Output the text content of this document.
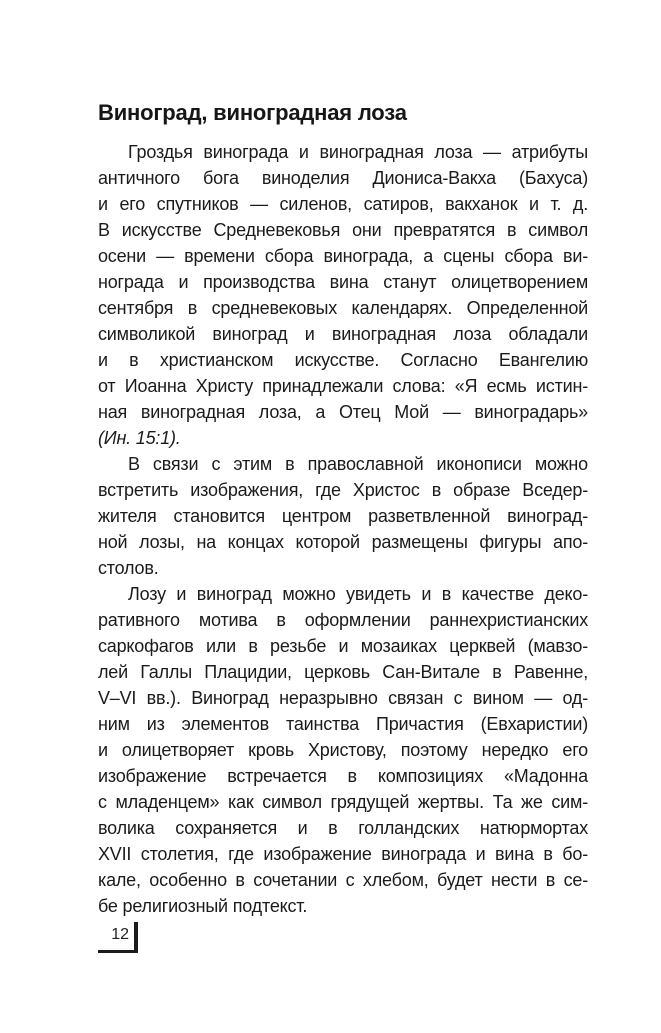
Виноград, виноградная лоза
Гроздья винограда и виноградная лоза — атрибуты
античного бога виноделия Диониса-Вакха (Бахуса)
и его спутников — силенов, сатиров, вакханок и т. д.
В искусстве Средневековья они превратятся в символ
осени — времени сбора винограда, а сцены сбора ви-
нограда и производства вина станут олицетворением
сентября в средневековых календарях. Определенной
символикой виноград и виноградная лоза обладали
и в христианском искусстве. Согласно Евангелию
от Иоанна Христу принадлежали слова: «Я есмь истин-
ная виноградная лоза, а Отец Мой — виноградарь»
(Ин. 15:1).
В связи с этим в православной иконописи можно
встретить изображения, где Христос в образе Вседер-
жителя становится центром разветвленной виноград-
ной лозы, на концах которой размещены фигуры апо-
столов.
Лозу и виноград можно увидеть и в качестве деко-
ративного мотива в оформлении раннехристианских
саркофагов или в резьбе и мозаиках церквей (мавзо-
лей Галлы Плацидии, церковь Сан-Витале в Равенне,
V–VI вв.). Виноград неразрывно связан с вином — од-
ним из элементов таинства Причастия (Евхаристии)
и олицетворяет кровь Христову, поэтому нередко его
изображение встречается в композициях «Мадонна
с младенцем» как символ грядущей жертвы. Та же сим-
волика сохраняется и в голландских натюрмортах
XVII столетия, где изображение винограда и вина в бо-
кале, особенно в сочетании с хлебом, будет нести в се-
бе религиозный подтекст.
12
